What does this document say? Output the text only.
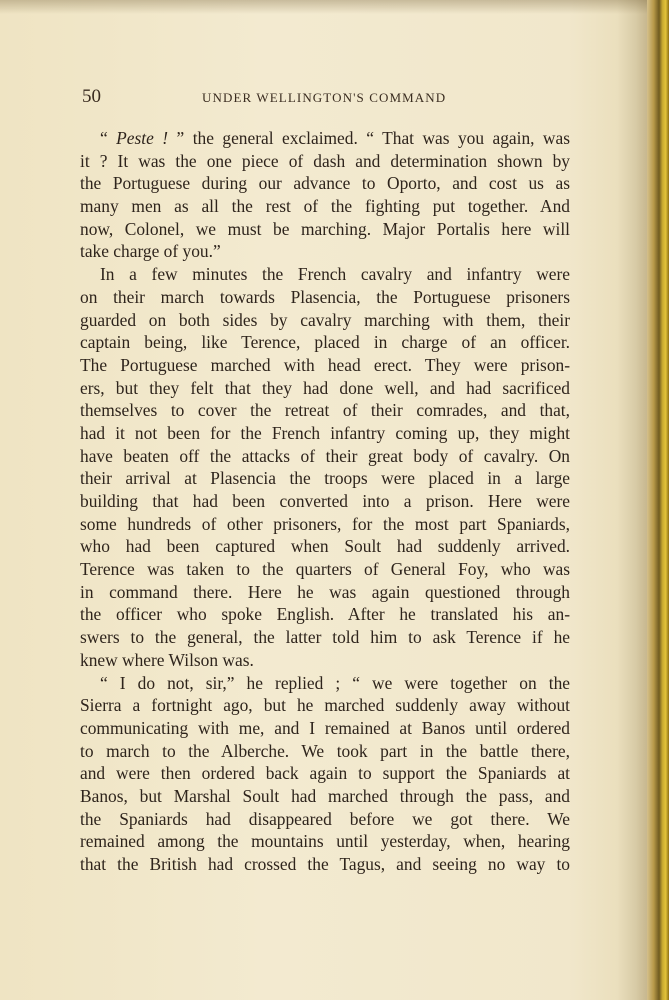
50	UNDER WELLINGTON'S COMMAND
“ Peste ! ” the general exclaimed. “ That was you again, was
it ? It was the one piece of dash and determination shown by
the Portuguese during our advance to Oporto, and cost us as
many men as all the rest of the fighting put together. And
now, Colonel, we must be marching. Major Portalis here will
take charge of you.”
In a few minutes the French cavalry and infantry were
on their march towards Plasencia, the Portuguese prisoners
guarded on both sides by cavalry marching with them, their
captain being, like Terence, placed in charge of an officer.
The Portuguese marched with head erect. They were prison-
ers, but they felt that they had done well, and had sacrificed
themselves to cover the retreat of their comrades, and that,
had it not been for the French infantry coming up, they might
have beaten off the attacks of their great body of cavalry. On
their arrival at Plasencia the troops were placed in a large
building that had been converted into a prison. Here were
some hundreds of other prisoners, for the most part Spaniards,
who had been captured when Soult had suddenly arrived.
Terence was taken to the quarters of General Foy, who was
in command there. Here he was again questioned through
the officer who spoke English. After he translated his an-
swers to the general, the latter told him to ask Terence if he
knew where Wilson was.
“ I do not, sir,” he replied ; “ we were together on the
Sierra a fortnight ago, but he marched suddenly away without
communicating with me, and I remained at Banos until ordered
to march to the Alberche. We took part in the battle there,
and were then ordered back again to support the Spaniards at
Banos, but Marshal Soult had marched through the pass, and
the Spaniards had disappeared before we got there. We
remained among the mountains until yesterday, when, hearing
that the British had crossed the Tagus, and seeing no way to
